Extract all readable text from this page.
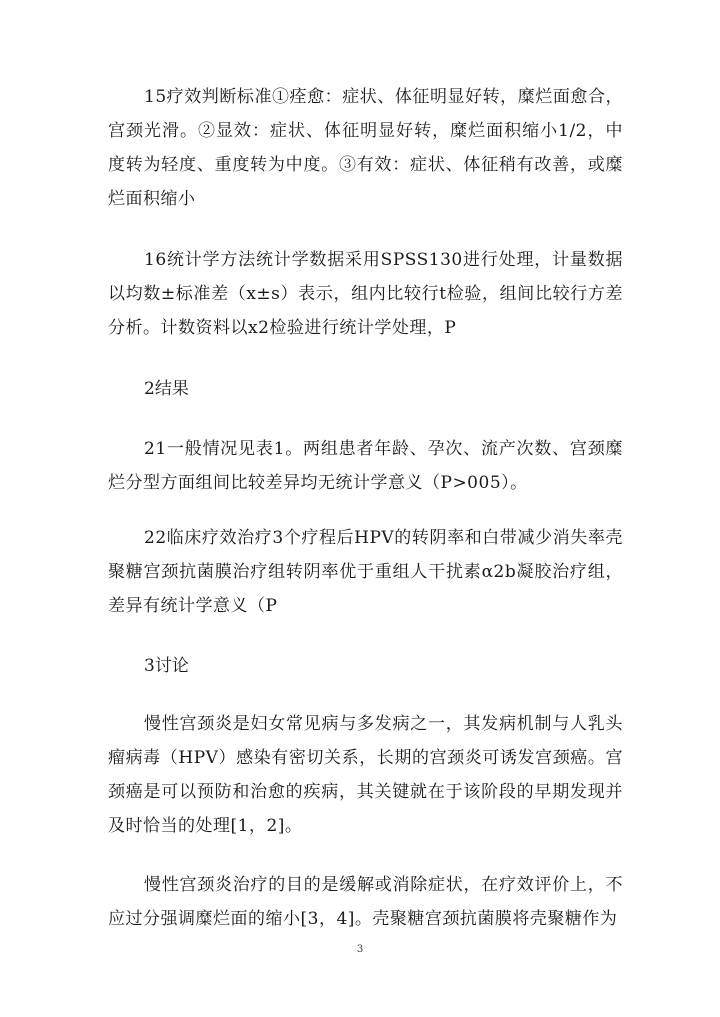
15疗效判断标准①痊愈：症状、体征明显好转，糜烂面愈合，宫颈光滑。②显效：症状、体征明显好转，糜烂面积缩小1/2，中度转为轻度、重度转为中度。③有效：症状、体征稍有改善，或糜烂面积缩小

16统计学方法统计学数据采用SPSS130进行处理，计量数据以均数±标准差（x±s）表示，组内比较行t检验，组间比较行方差分析。计数资料以x2检验进行统计学处理，P

2结果

21一般情况见表1。两组患者年龄、孕次、流产次数、宫颈糜烂分型方面组间比较差异均无统计学意义（P>005）。

22临床疗效治疗3个疗程后HPV的转阴率和白带减少消失率壳聚糖宫颈抗菌膜治疗组转阴率优于重组人干扰素α2b凝胶治疗组，差异有统计学意义（P

3讨论

慢性宫颈炎是妇女常见病与多发病之一，其发病机制与人乳头瘤病毒（HPV）感染有密切关系，长期的宫颈炎可诱发宫颈癌。宫颈癌是可以预防和治愈的疾病，其关键就在于该阶段的早期发现并及时恰当的处理[1，2]。

慢性宫颈炎治疗的目的是缓解或消除症状，在疗效评价上，不应过分强调糜烂面的缩小[3，4]。壳聚糖宫颈抗菌膜将壳聚糖作为

3
